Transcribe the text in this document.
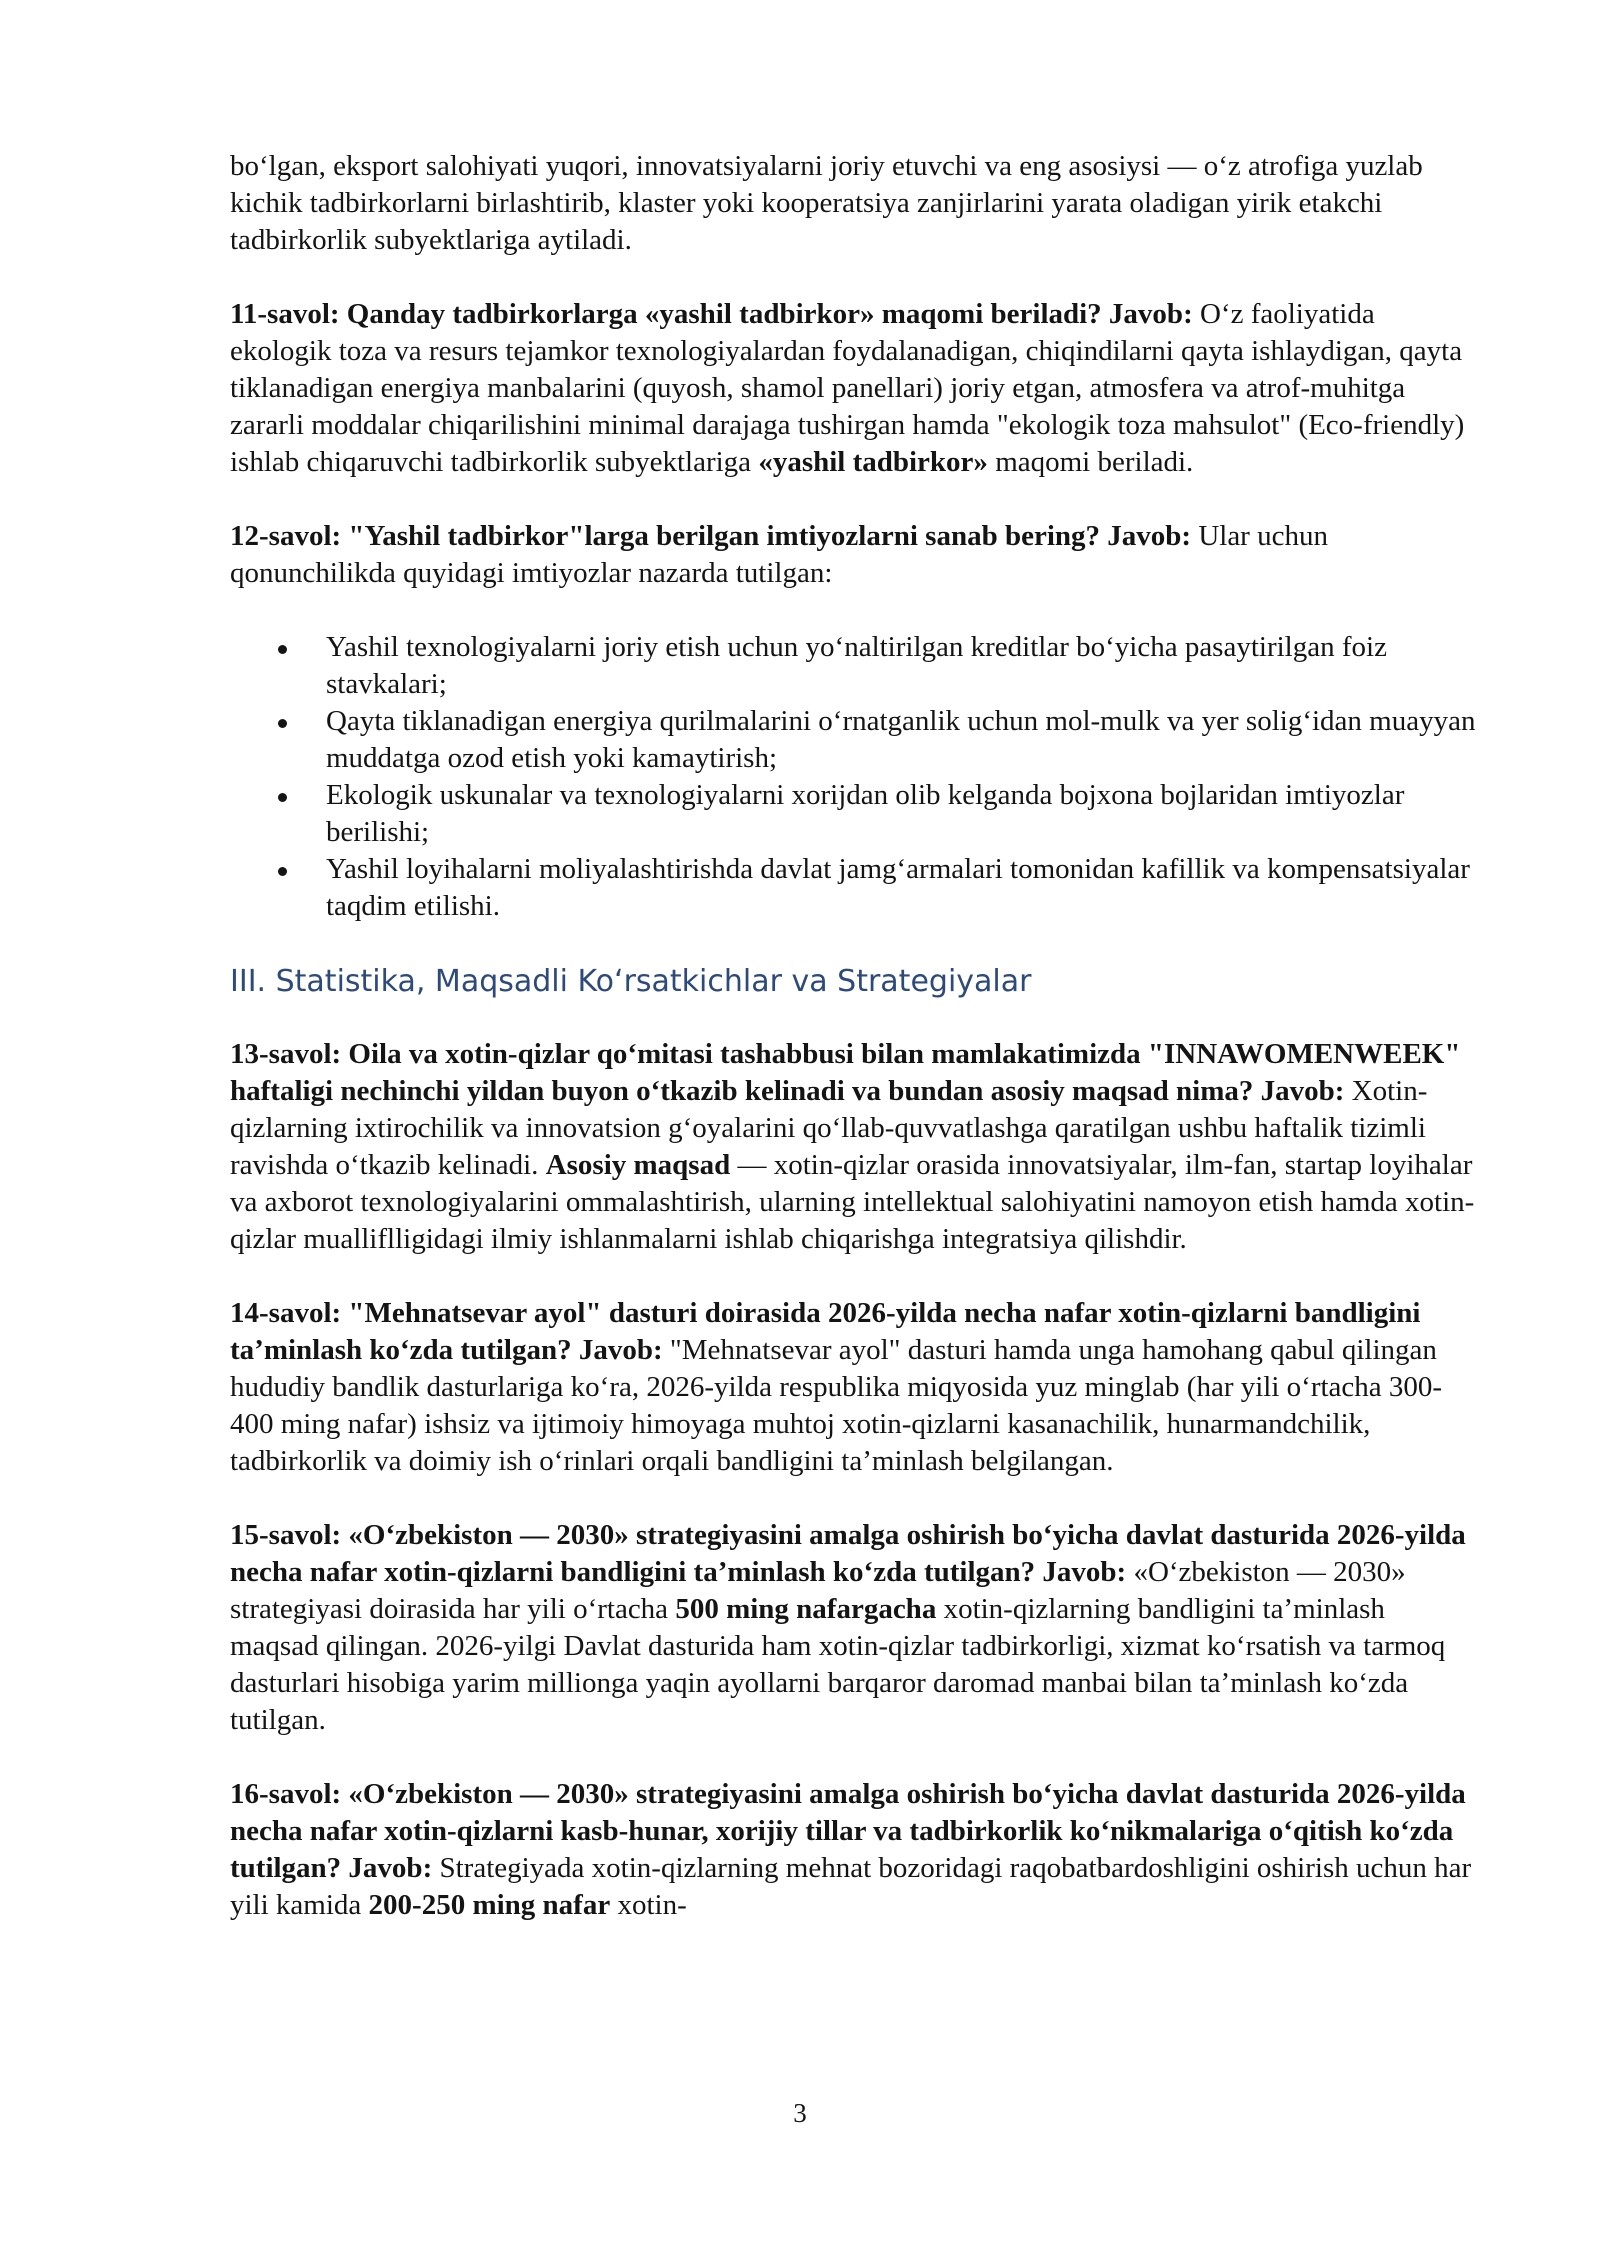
bo‘lgan, eksport salohiyati yuqori, innovatsiyalarni joriy etuvchi va eng asosiysi — o‘z atrofiga yuzlab kichik tadbirkorlarni birlashtirib, klaster yoki kooperatsiya zanjirlarini yarata oladigan yirik etakchi tadbirkorlik subyektlariga aytiladi.

11-savol: Qanday tadbirkorlarga «yashil tadbirkor» maqomi beriladi? Javob: O‘z faoliyatida ekologik toza va resurs tejamkor texnologiyalardan foydalanadigan, chiqindilarni qayta ishlaydigan, qayta tiklanadigan energiya manbalarini (quyosh, shamol panellari) joriy etgan, atmosfera va atrof-muhitga zararli moddalar chiqarilishini minimal darajaga tushirgan hamda "ekologik toza mahsulot" (Eco-friendly) ishlab chiqaruvchi tadbirkorlik subyektlariga «yashil tadbirkor» maqomi beriladi.

12-savol: "Yashil tadbirkor"larga berilgan imtiyozlarni sanab bering? Javob: Ular uchun qonunchilikda quyidagi imtiyozlar nazarda tutilgan:

Yashil texnologiyalarni joriy etish uchun yo‘naltirilgan kreditlar bo‘yicha pasaytirilgan foiz stavkalari;
Qayta tiklanadigan energiya qurilmalarini o‘rnatganlik uchun mol-mulk va yer solig‘idan muayyan muddatga ozod etish yoki kamaytirish;
Ekologik uskunalar va texnologiyalarni xorijdan olib kelganda bojxona bojlaridan imtiyozlar berilishi;
Yashil loyihalarni moliyalashtirishda davlat jamg‘armalari tomonidan kafillik va kompensatsiyalar taqdim etilishi.
III. Statistika, Maqsadli Ko‘rsatkichlar va Strategiyalar

13-savol: Oila va xotin-qizlar qo‘mitasi tashabbusi bilan mamlakatimizda "INNAWOMENWEEK" haftaligi nechinchi yildan buyon o‘tkazib kelinadi va bundan asosiy maqsad nima? Javob: Xotin-qizlarning ixtirochilik va innovatsion g‘oyalarini qo‘llab-quvvatlashga qaratilgan ushbu haftalik tizimli ravishda o‘tkazib kelinadi. Asosiy maqsad — xotin-qizlar orasida innovatsiyalar, ilm-fan, startap loyihalar va axborot texnologiyalarini ommalashtirish, ularning intellektual salohiyatini namoyon etish hamda xotin-qizlar mualliflligidagi ilmiy ishlanmalarni ishlab chiqarishga integratsiya qilishdir.

14-savol: "Mehnatsevar ayol" dasturi doirasida 2026-yilda necha nafar xotin-qizlarni bandligini ta’minlash ko‘zda tutilgan? Javob: "Mehnatsevar ayol" dasturi hamda unga hamohang qabul qilingan hududiy bandlik dasturlariga ko‘ra, 2026-yilda respublika miqyosida yuz minglab (har yili o‘rtacha 300-400 ming nafar) ishsiz va ijtimoiy himoyaga muhtoj xotin-qizlarni kasanachilik, hunarmandchilik, tadbirkorlik va doimiy ish o‘rinlari orqali bandligini ta’minlash belgilangan.

15-savol: «O‘zbekiston — 2030» strategiyasini amalga oshirish bo‘yicha davlat dasturida 2026-yilda necha nafar xotin-qizlarni bandligini ta’minlash ko‘zda tutilgan? Javob: «O‘zbekiston — 2030» strategiyasi doirasida har yili o‘rtacha 500 ming nafargacha xotin-qizlarning bandligini ta’minlash maqsad qilingan. 2026-yilgi Davlat dasturida ham xotin-qizlar tadbirkorligi, xizmat ko‘rsatish va tarmoq dasturlari hisobiga yarim millionga yaqin ayollarni barqaror daromad manbai bilan ta’minlash ko‘zda tutilgan.

16-savol: «O‘zbekiston — 2030» strategiyasini amalga oshirish bo‘yicha davlat dasturida 2026-yilda necha nafar xotin-qizlarni kasb-hunar, xorijiy tillar va tadbirkorlik ko‘nikmalariga o‘qitish ko‘zda tutilgan? Javob: Strategiyada xotin-qizlarning mehnat bozoridagi raqobatbardoshligini oshirish uchun har yili kamida 200-250 ming nafar xotin-

3
